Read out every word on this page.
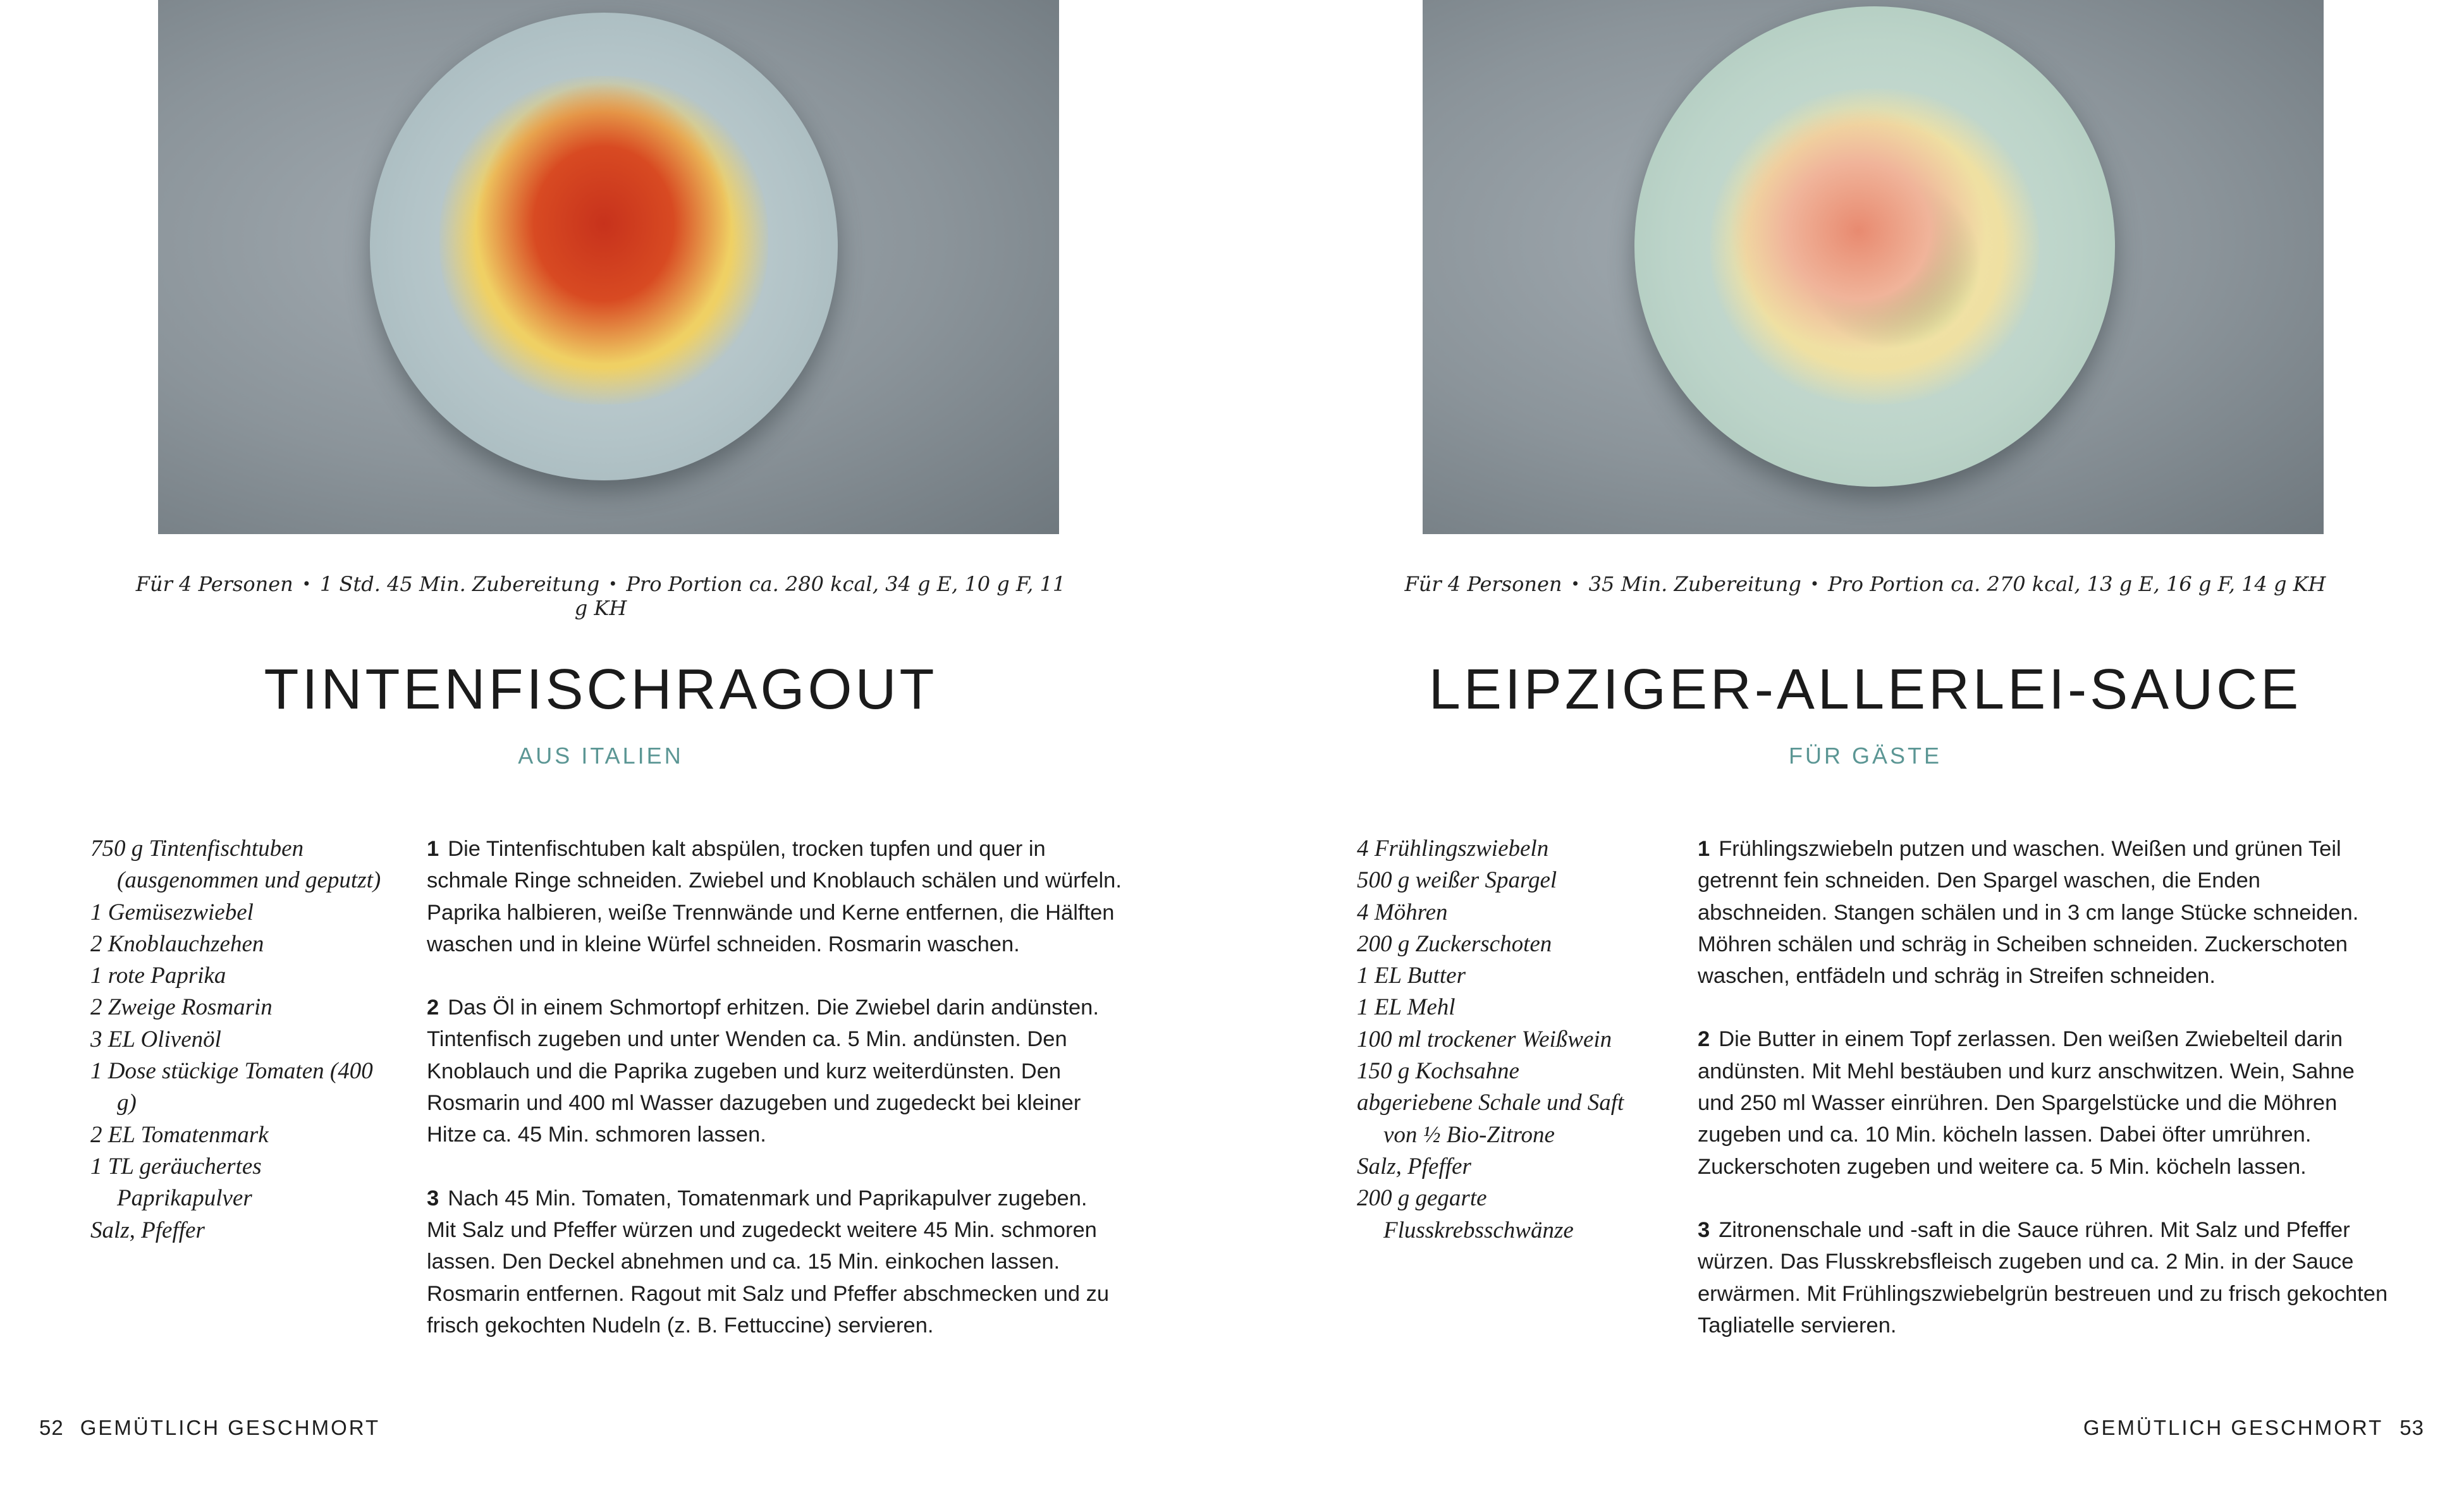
Für 4 Personen • 1 Std. 45 Min. Zubereitung • Pro Portion ca. 280 kcal, 34 g E, 10 g F, 11 g KH
TINTENFISCHRAGOUT
AUS ITALIEN
750 g Tintenfischtuben (ausgenommen und geputzt)
1 Gemüsezwiebel
2 Knoblauchzehen
1 rote Paprika
2 Zweige Rosmarin
3 EL Olivenöl
1 Dose stückige Tomaten (400 g)
2 EL Tomatenmark
1 TL geräuchertes Paprikapulver
Salz, Pfeffer

1 Die Tintenfischtuben kalt abspülen, trocken tupfen und quer in schmale Ringe schneiden. Zwiebel und Knoblauch schälen und würfeln. Paprika halbieren, weiße Trennwände und Kerne entfernen, die Hälften waschen und in kleine Würfel schneiden. Rosmarin waschen.

2 Das Öl in einem Schmortopf erhitzen. Die Zwiebel darin andünsten. Tintenfisch zugeben und unter Wenden ca. 5 Min. andünsten. Den Knoblauch und die Paprika zugeben und kurz weiterdünsten. Den Rosmarin und 400 ml Wasser dazugeben und zugedeckt bei kleiner Hitze ca. 45 Min. schmoren lassen.

3 Nach 45 Min. Tomaten, Tomatenmark und Paprikapulver zugeben. Mit Salz und Pfeffer würzen und zugedeckt weitere 45 Min. schmoren lassen. Den Deckel abnehmen und ca. 15 Min. einkochen lassen. Rosmarin entfernen. Ragout mit Salz und Pfeffer abschmecken und zu frisch gekochten Nudeln (z. B. Fettuccine) servieren.

52 GEMÜTLICH GESCHMORT
Für 4 Personen • 35 Min. Zubereitung • Pro Portion ca. 270 kcal, 13 g E, 16 g F, 14 g KH
LEIPZIGER-ALLERLEI-SAUCE
FÜR GÄSTE
4 Frühlingszwiebeln
500 g weißer Spargel
4 Möhren
200 g Zuckerschoten
1 EL Butter
1 EL Mehl
100 ml trockener Weißwein
150 g Kochsahne
abgeriebene Schale und Saft von ½ Bio-Zitrone
Salz, Pfeffer
200 g gegarte Flusskrebsschwänze

1 Frühlingszwiebeln putzen und waschen. Weißen und grünen Teil getrennt fein schneiden. Den Spargel waschen, die Enden abschneiden. Stangen schälen und in 3 cm lange Stücke schneiden. Möhren schälen und schräg in Scheiben schneiden. Zuckerschoten waschen, entfädeln und schräg in Streifen schneiden.

2 Die Butter in einem Topf zerlassen. Den weißen Zwiebelteil darin andünsten. Mit Mehl bestäuben und kurz anschwitzen. Wein, Sahne und 250 ml Wasser einrühren. Den Spargelstücke und die Möhren zugeben und ca. 10 Min. köcheln lassen. Dabei öfter umrühren. Zuckerschoten zugeben und weitere ca. 5 Min. köcheln lassen.

3 Zitronenschale und -saft in die Sauce rühren. Mit Salz und Pfeffer würzen. Das Flusskrebsfleisch zugeben und ca. 2 Min. in der Sauce erwärmen. Mit Frühlingszwiebelgrün bestreuen und zu frisch gekochten Tagliatelle servieren.

GEMÜTLICH GESCHMORT 53
